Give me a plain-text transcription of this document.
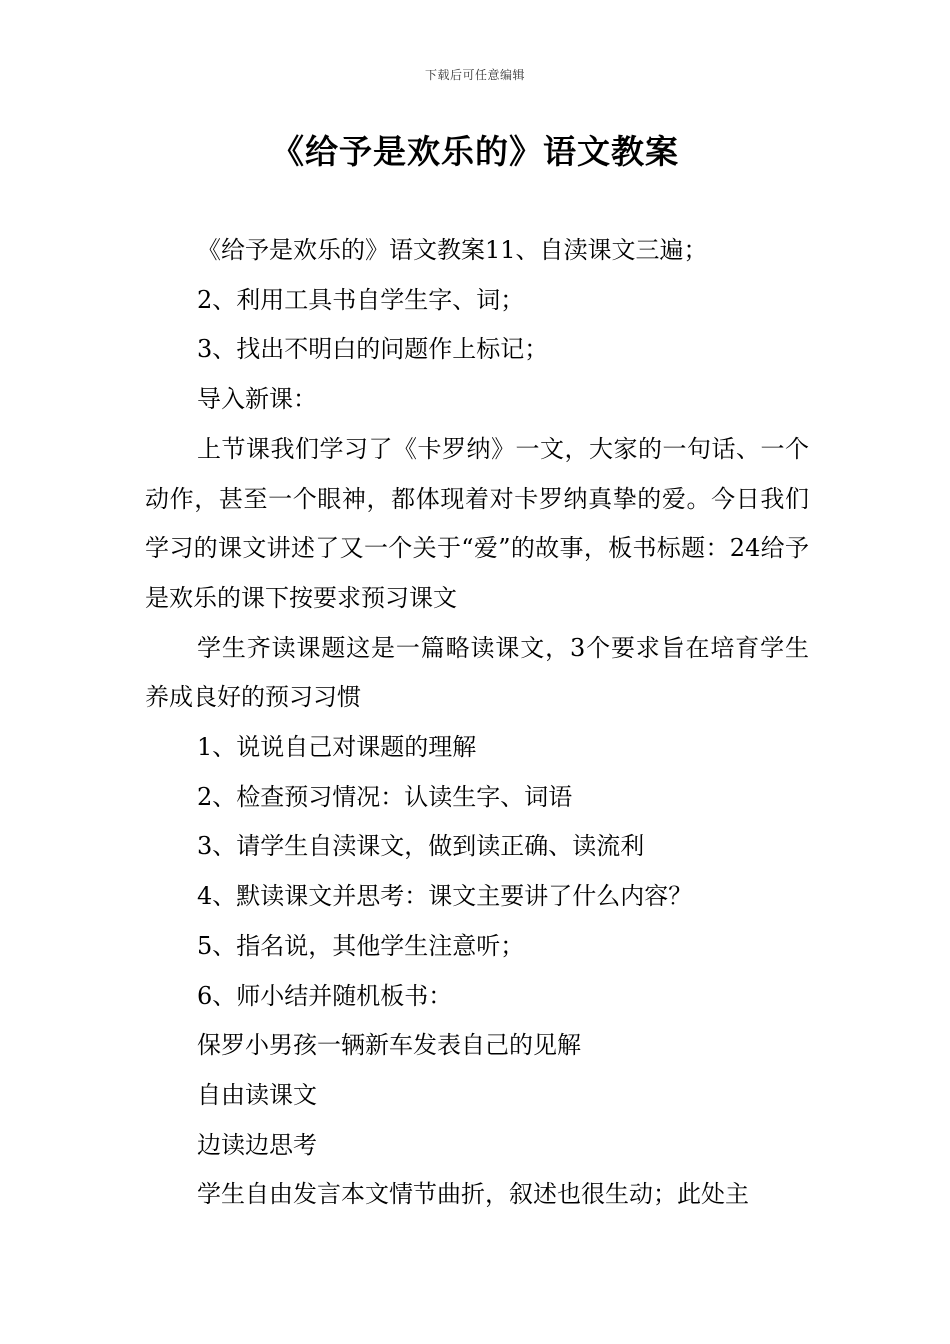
下载后可任意编辑
《给予是欢乐的》语文教案

《给予是欢乐的》语文教案11、自渎课文三遍；

2、利用工具书自学生字、词；

3、找出不明白的问题作上标记；

导入新课：

上节课我们学习了《卡罗纳》一文，大家的一句话、一个动作，甚至一个眼神，都体现着对卡罗纳真挚的爱。今日我们学习的课文讲述了又一个关于“爱”的故事，板书标题：24给予是欢乐的课下按要求预习课文

学生齐读课题这是一篇略读课文，3个要求旨在培育学生养成良好的预习习惯

1、说说自己对课题的理解

2、检查预习情况：认读生字、词语

3、请学生自渎课文，做到读正确、读流利

4、默读课文并思考：课文主要讲了什么内容？

5、指名说，其他学生注意听；

6、师小结并随机板书：

保罗小男孩一辆新车发表自己的见解

自由读课文

边读边思考

学生自由发言本文情节曲折，叙述也很生动；此处主
